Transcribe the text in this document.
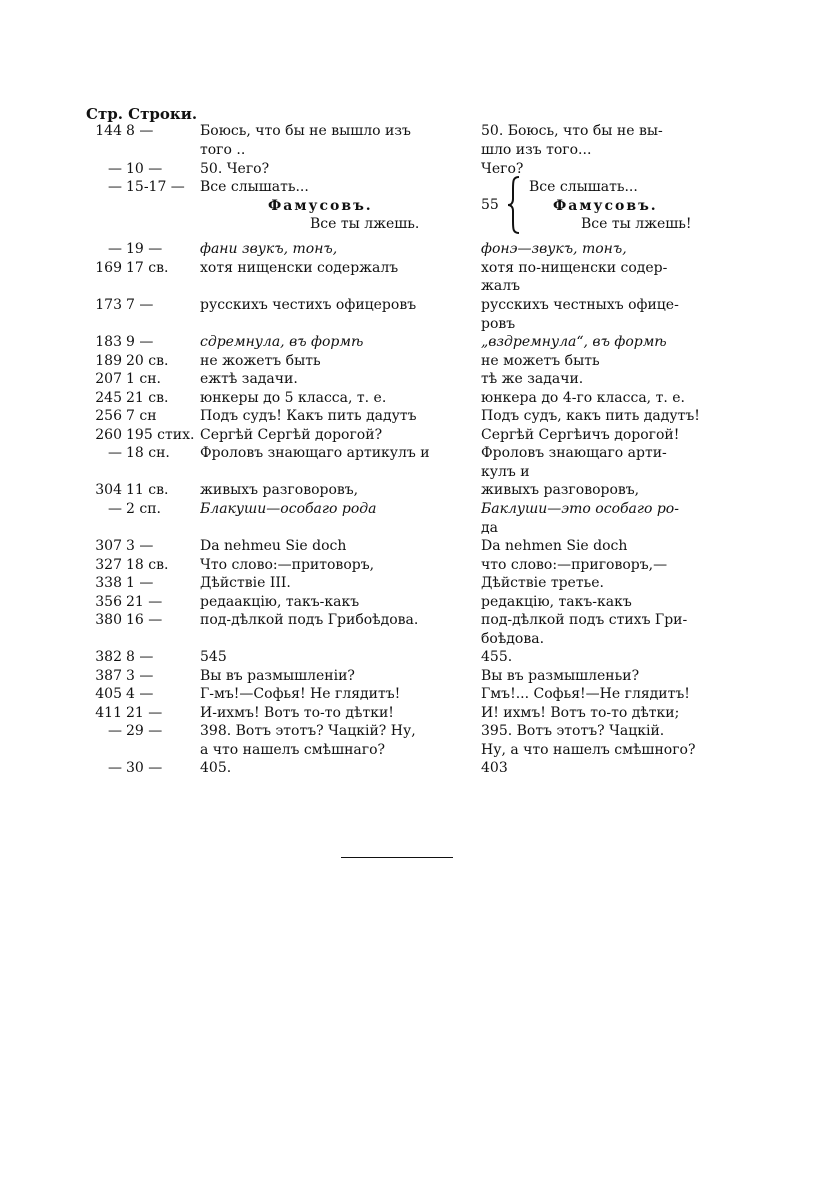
Стр. Строки.
144 8 —	Боюсь, что бы не вышло изъ	50. Боюсь, что бы не вы-
того ..	шло изъ того...
— 10 —	50. Чего?	Чего?
— 15-17 —	Все слышать...	Все слышать...
Фамусовъ.	Фамусовъ.
Все ты лжешь.	Все ты лжешь!
— 19 —	фани звукъ, тонъ,	фонэ—звукъ, тонъ,
169 17 св.	хотя нищенски содержалъ	хотя по-нищенски содер-
жалъ
173 7 —	русскихъ честихъ офицеровъ	русскихъ честныхъ офице-
ровъ
183 9 —	сдремнула, въ формѣ	„вздремнула“, въ формѣ
189 20 св.	не жожетъ быть	не можетъ быть
207 1 сн.	ежтѣ задачи.	тѣ же задачи.
245 21 св.	юнкеры до 5 класса, т. е.	юнкера до 4-го класса, т. е.
256 7 сн	Подъ судъ! Какъ пить дадутъ	Подъ судъ, какъ пить дадутъ!
260 195 стих. Сергѣй Сергѣй дорогой?	Сергѣй Сергѣичъ дорогой!
— 18 сн.	Фроловъ знающаго артикулъ и	Фроловъ знающаго арти-
кулъ и
304 11 св.	живыхъ разговоровъ,	живыхъ разговоровъ,
— 2 сп.	Блакуши—особаго рода	Баклуши—это особаго ро-
да
307 3 —	Da nehmeu Sie doch	Da nehmen Sie doch
327 18 св.	Что слово:—притоворъ,	что слово:—приговоръ,—
338 1 —	Дѣйствіе III.	Дѣйствіе третье.
356 21 —	редаакцію, такъ-какъ	редакцію, такъ-какъ
380 16 —	под-дѣлкой подъ Грибоѣдова.	под-дѣлкой подъ стихъ Гри-
боѣдова.
382 8 —	545	455.
387 3 —	Вы въ размышленіи?	Вы въ размышленьи?
405 4 —	Г-мъ!—Софья! Не глядитъ!	Гмъ!... Софья!—Не глядитъ!
411 21 —	И-ихмъ! Вотъ то-то дѣтки!	И! ихмъ! Вотъ то-то дѣтки;
— 29 —	398. Вотъ этотъ? Чацкій? Ну,	395. Вотъ этотъ? Чацкій.
а что нашелъ смѣшнаго?	Ну, а что нашелъ смѣшного?
— 30 —	405.	403
55
